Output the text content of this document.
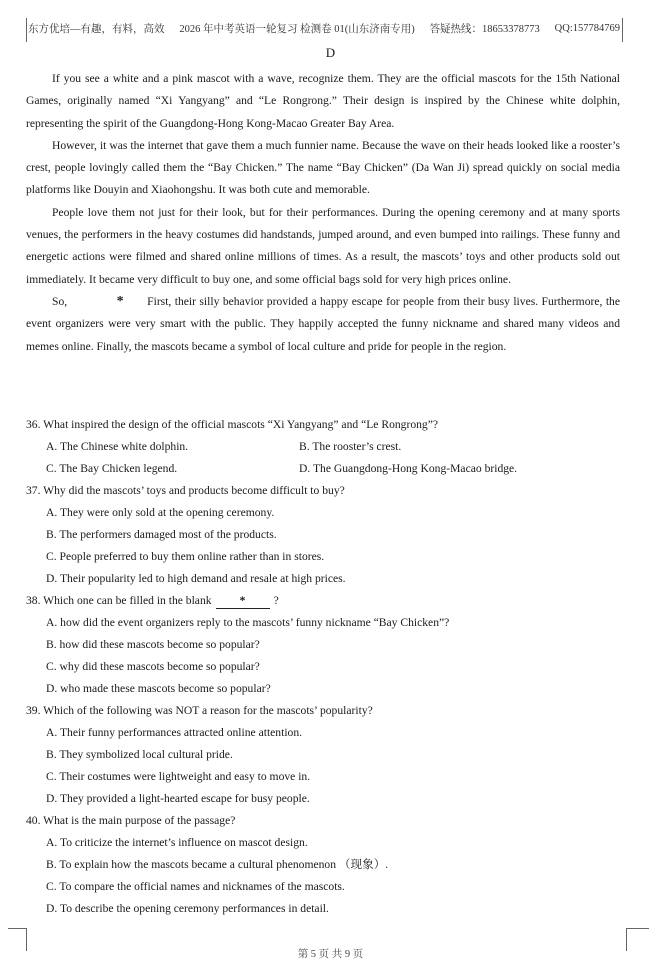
东方优培—有趣，有料，高效 2026 年中考英语一轮复习 检测卷 01(山东济南专用) 答疑热线：18653378773 QQ:157784769
D

If you see a white and a pink mascot with a wave, recognize them. They are the official mascots for the 15th National Games, originally named “Xi Yangyang” and “Le Rongrong.” Their design is inspired by the Chinese white dolphin, representing the spirit of the Guangdong-Hong Kong-Macao Greater Bay Area.

However, it was the internet that gave them a much funnier name. Because the wave on their heads looked like a rooster’s crest, people lovingly called them the “Bay Chicken.” The name “Bay Chicken” (Da Wan Ji) spread quickly on social media platforms like Douyin and Xiaohongshu. It was both cute and memorable.

People love them not just for their look, but for their performances. During the opening ceremony and at many sports venues, the performers in the heavy costumes did handstands, jumped around, and even bumped into railings. These funny and energetic actions were filmed and shared online millions of times. As a result, the mascots’ toys and other products sold out immediately. It became very difficult to buy one, and some official bags sold for very high prices online.

So,	* First, their silly behavior provided a happy escape for people from their busy lives. Furthermore, the event organizers were very smart with the public. They happily accepted the funny nickname and shared many videos and memes online. Finally, the mascots became a symbol of local culture and pride for people in the region.

36. What inspired the design of the official mascots “Xi Yangyang” and “Le Rongrong”?

A. The Chinese white dolphin.	B. The rooster’s crest.
C. The Bay Chicken legend.	D. The Guangdong-Hong Kong-Macao bridge.

37. Why did the mascots’ toys and products become difficult to buy?

A. They were only sold at the opening ceremony.

B. The performers damaged most of the products.

C. People preferred to buy them online rather than in stores.

D. Their popularity led to high demand and resale at high prices.

38. Which one can be filled in the blank * ?

A. how did the event organizers reply to the mascots’ funny nickname “Bay Chicken”?

B. how did these mascots become so popular?

C. why did these mascots become so popular?

D. who made these mascots become so popular?

39. Which of the following was NOT a reason for the mascots’ popularity?

A. Their funny performances attracted online attention.

B. They symbolized local cultural pride.

C. Their costumes were lightweight and easy to move in.

D. They provided a light-hearted escape for busy people.

40. What is the main purpose of the passage?

A. To criticize the internet’s influence on mascot design.

B. To explain how the mascots became a cultural phenomenon （现象）.

C. To compare the official names and nicknames of the mascots.

D. To describe the opening ceremony performances in detail.

第 5 页 共 9 页
